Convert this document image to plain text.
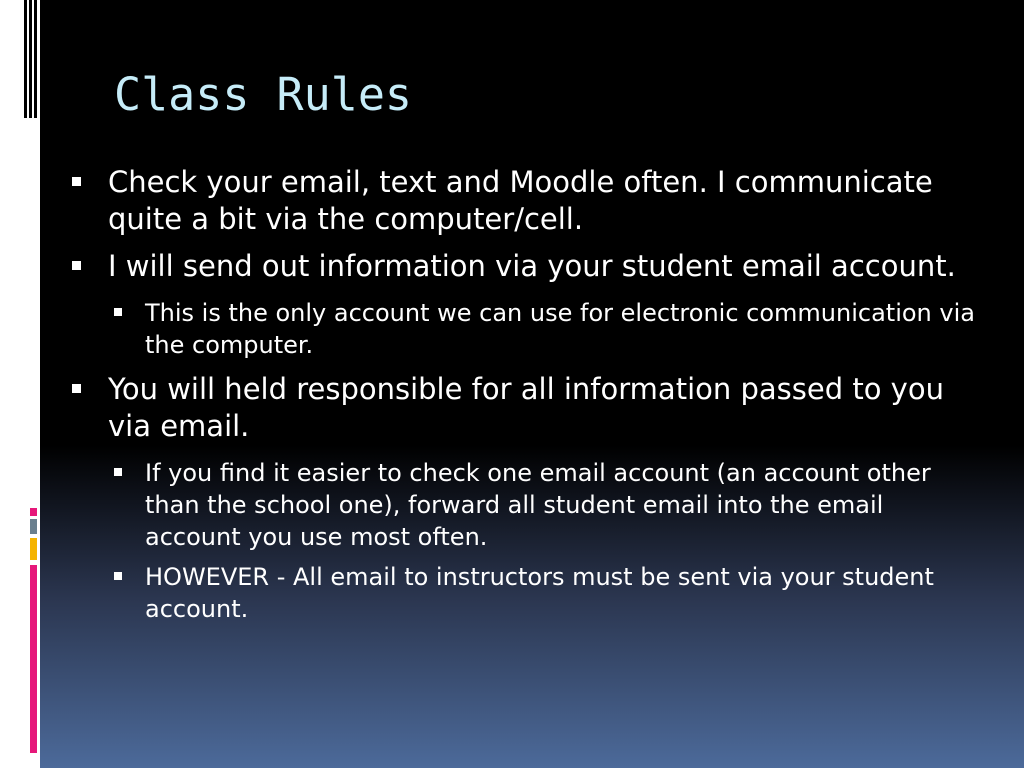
Class Rules
Check your email, text and Moodle often. I communicate quite a bit via the computer/cell.
I will send out information via your student email account.
This is the only account we can use for electronic communication via the computer.
You will held responsible for all information passed to you via email.
If you find it easier to check one email account (an account other than the school one), forward all student email into the email account you use most often.
HOWEVER - All email to instructors must be sent via your student account.
